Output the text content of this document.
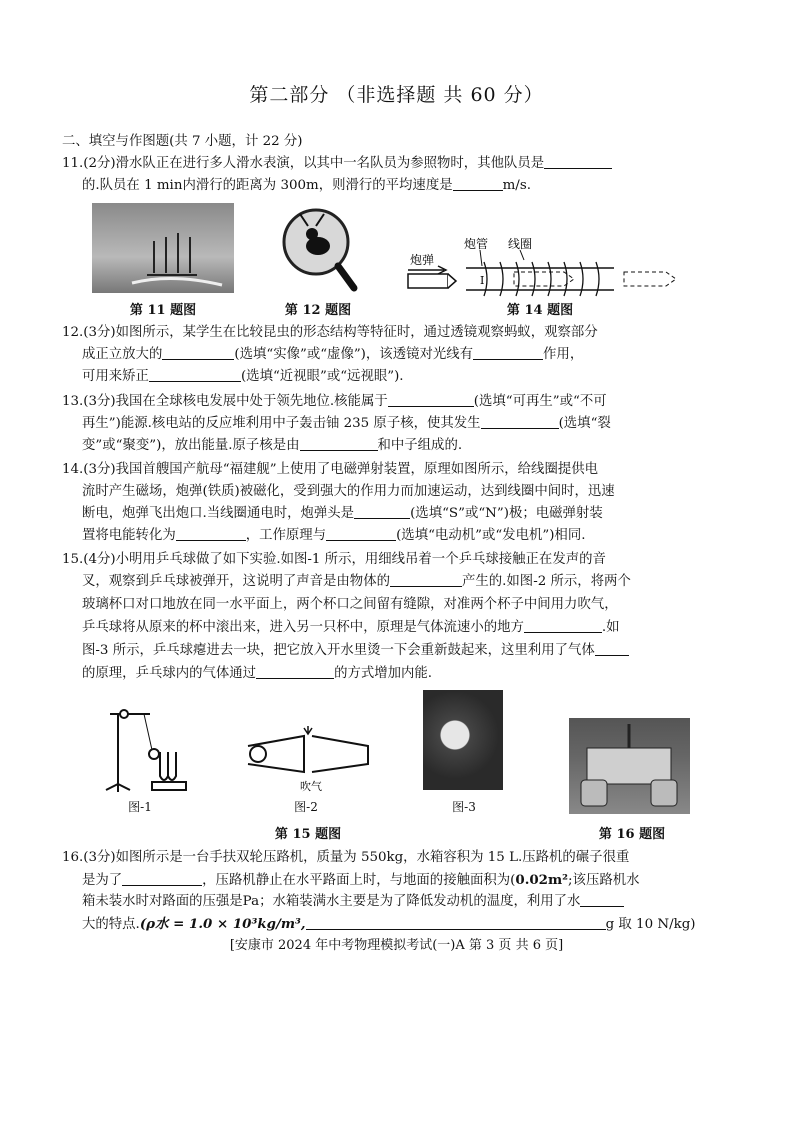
第二部分 （非选择题 共 60 分）
二、填空与作图题(共 7 小题，计 22 分)
11.(2分)滑水队正在进行多人滑水表演，以其中一名队员为参照物时，其他队员是
的.队员在 1 min内滑行的距离为 300m，则滑行的平均速度是	m/s.
第 11 题图	第 12 题图
炮弹
炮管 线圈
I
第 14 题图
12.(3分)如图所示，某学生在比较昆虫的形态结构等特征时，通过透镜观察蚂蚁，观察部分
成正立放大的	(选填“实像”或“虚像”)，该透镜对光线有	作用，
可用来矫正	(选填“近视眼”或“远视眼”).
13.(3分)我国在全球核电发展中处于领先地位.核能属于	(选填“可再生”或“不可
再生”)能源.核电站的反应堆利用中子轰击铀 235 原子核，使其发生	(选填“裂
变”或“聚变”)，放出能量.原子核是由	和中子组成的.
14.(3分)我国首艘国产航母“福建舰”上使用了电磁弹射装置，原理如图所示，给线圈提供电
流时产生磁场，炮弹(铁质)被磁化，受到强大的作用力而加速运动，达到线圈中间时，迅速
断电，炮弹飞出炮口.当线圈通电时，炮弹头是	(选填“S”或“N”)极；电磁弹射装
置将电能转化为	，工作原理与	(选填“电动机”或“发电机”)相同.
15.(4分)小明用乒乓球做了如下实验.如图-1 所示，用细线吊着一个乒乓球接触正在发声的音
叉，观察到乒乓球被弹开，这说明了声音是由物体的	产生的.如图-2 所示，将两个
玻璃杯口对口地放在同一水平面上，两个杯口之间留有缝隙，对准两个杯子中间用力吹气，
乒乓球将从原来的杯中滚出来，进入另一只杯中，原理是气体流速小的地方	.如
图-3 所示，乒乓球瘪进去一块，把它放入开水里烫一下会重新鼓起来，这里利用了气体
的原理，乒乓球内的气体通过	的方式增加内能.
图-1
吹气
图-2	图-3
第 15 题图	第 16 题图
16.(3分)如图所示是一台手扶双轮压路机，质量为 550kg，水箱容积为 15 L.压路机的碾子很重
是为了	，压路机静止在水平路面上时，与地面的接触面积为(0.02m²;该压路机水
箱未装水时对路面的压强是Pa；水箱装满水主要是为了降低发动机的温度，利用了水
大的特点.(ρ水 = 1.0 × 10³kg/m³,	g 取 10 N/kg)
[安康市 2024 年中考物理模拟考试(一)A 第 3 页 共 6 页]
